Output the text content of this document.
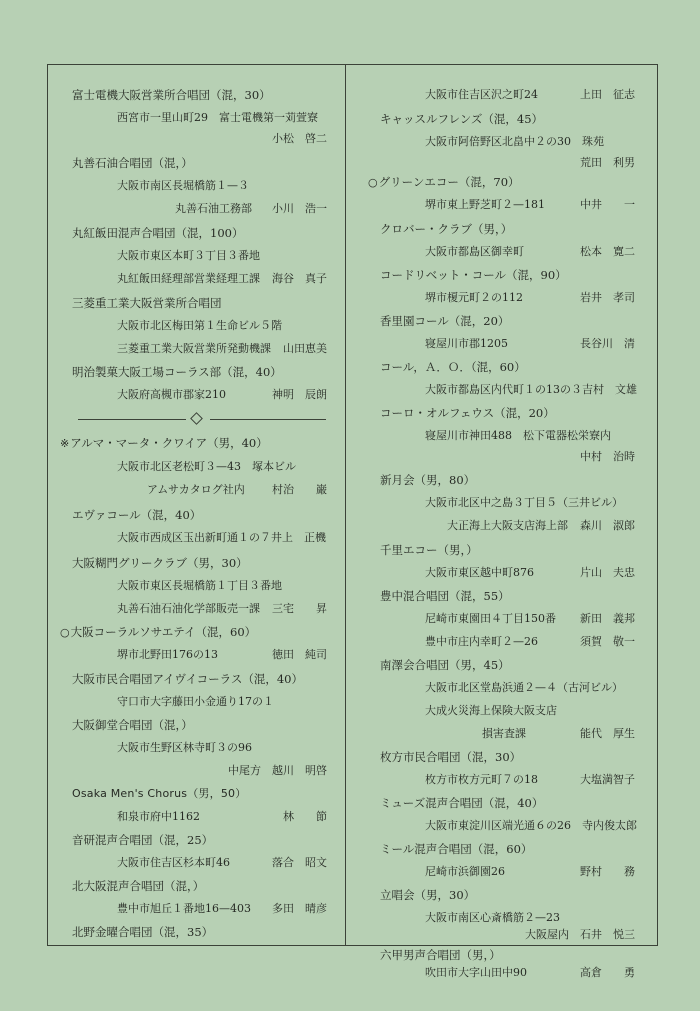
富士電機大阪営業所合唱団（混，30）
西宮市一里山町29　富士電機第一苅萱寮
小松　啓二
丸善石油合唱団（混，）
大阪市南区長堀橋筋１—３
丸善石油工務部 小川　浩一
丸紅飯田混声合唱団（混，100）
大阪市東区本町３丁目３番地
丸紅飯田経理部営業経理工課 海谷　真子
三菱重工業大阪営業所合唱団
大阪市北区梅田第１生命ビル５階
三菱重工業大阪営業所発動機課 山田恵美
明治製菓大阪工場コーラス部（混，40）
大阪府高槻市郡家210	神明　辰朗
※アルマ・マータ・クワイア（男，40）
大阪市北区老松町３—43　塚本ビル
アムサカタログ社内 村治　　巌
エヴァコール（混，40）
大阪市西成区玉出新町通１の７井上　正機
大阪糊門グリークラブ（男，30）
大阪市東区長堀橋筋１丁目３番地
丸善石油石油化学部販売一課 三宅　　昇
○大阪コーラルソサエテイ（混，60）
堺市北野田176の13	徳田　純司
大阪市民合唱団アイヴイコーラス（混，40）
守口市大字藤田小金通り17の１
大阪御堂合唱団（混，）
大阪市生野区林寺町３の96
中尾方　越川　明啓
Osaka Men's Chorus（男，50）
和泉市府中1162	林　　節
音研混声合唱団（混，25）
大阪市住吉区杉本町46	落合　昭文
北大阪混声合唱団（混，）
豊中市旭丘１番地16—403 多田　晴彦
北野金曜合唱団（混，35）
大阪市住吉区沢之町24	上田　征志
キャッスルフレンズ（混，45）
大阪市阿倍野区北畠中２の30　珠苑
荒田　利男
○グリーンエコー（混，70）
堺市東上野芝町２—181	中井　　一
クロバー・クラブ（男，）
大阪市都島区御幸町	松本　寛二
コードリベット・コール（混，90）
堺市榎元町２の112	岩井　孝司
香里園コール（混，20）
寝屋川市郡1205	長谷川　清
コール，Ａ．Ｏ．（混，60）
大阪市都島区内代町１の13の３吉村　文雄
コーロ・オルフェウス（混，20）
寝屋川市神田488　松下電器松栄寮内
中村　治時
新月会（男，80）
大阪市北区中之島３丁目５（三井ビル）
大正海上大阪支店海上部 森川　淑郎
千里エコー（男，）
大阪市東区越中町876	片山　夫忠
豊中混合唱団（混，55）
尼崎市東園田４丁目150番 新田　義邦
豊中市庄内幸町２—26	須賀　敬一
南澤会合唱団（男，45）
大阪市北区堂島浜通２—４（古河ビル）
大成火災海上保険大阪支店
損害査課	能代　厚生
枚方市民合唱団（混，30）
枚方市枚方元町７の18	大塩満智子
ミューズ混声合唱団（混，40）
大阪市東淀川区端光通６の26　寺内俊太郎
ミール混声合唱団（混，60）
尼崎市浜御園26	野村　　務
立唱会（男，30）
大阪市南区心斎橋筋２—23
大阪屋内　石井　悦三
六甲男声合唱団（男，）
吹田市大字山田中90	高倉　　勇
